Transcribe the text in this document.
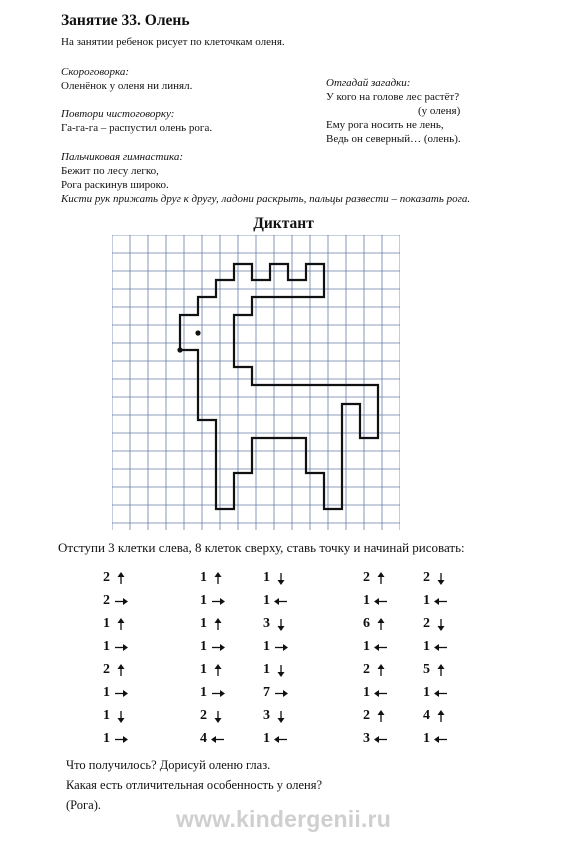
Занятие 33. Олень
На занятии ребенок рисует по клеточкам оленя.
Скороговорка:
Оленёнок у оленя ни линял.
Повтори чистоговорку:
Га-га-га – распустил олень рога.
Пальчиковая гимнастика:
Бежит по лесу легко,
Рога раскинув широко.
Кисти рук прижать друг к другу, ладони раскрыть, пальцы развести – показать рога.
Отгадай загадки:
У кого на голове лес растёт?
(у оленя)
Ему рога носить не лень,
Ведь он северный… (олень).
Диктант
Отступи 3 клетки слева, 8 клеток сверху, ставь точку и начинай рисовать:
2
2
1
1
2
1
1
1
1
1
1
1
1
1
2
4
1
1
3
1
1
7
3
1
2
1
6
1
2
1
2
3
2
1
2
1
5
1
4
1
Что получилось? Дорисуй оленю глаз.
Какая есть отличительная особенность у оленя?
(Рога).
www.kindergenii.ru
